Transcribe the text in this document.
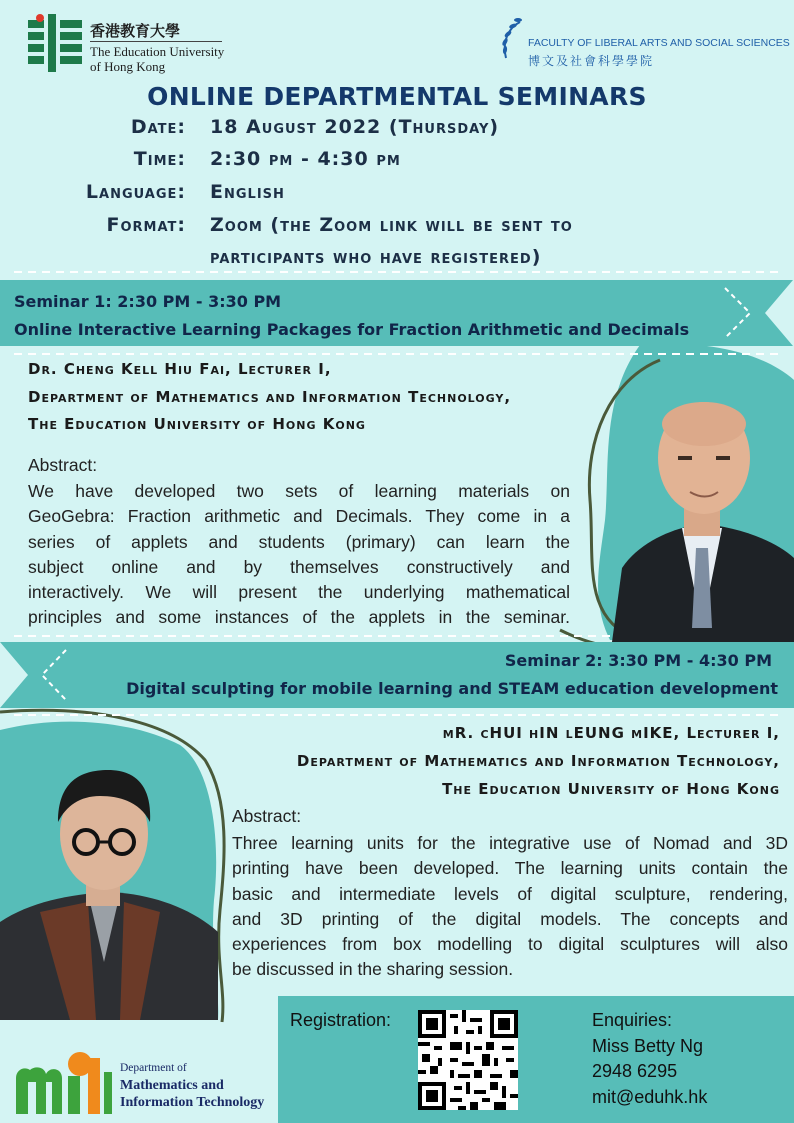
香港教育大學
The Education University
of Hong Kong
FACULTY OF LIBERAL ARTS AND SOCIAL SCIENCES
博文及社會科學學院
ONLINE DEPARTMENTAL SEMINARS
Date: 18 August 2022 (Thursday)
Time: 2:30 pm - 4:30 pm
Language: English
Format: Zoom (the Zoom link will be sent to
participants who have registered)
Seminar 1: 2:30 PM - 3:30 PM
Online Interactive Learning Packages for Fraction Arithmetic and Decimals
Dr. Cheng Kell Hiu Fai, Lecturer I,
Department of Mathematics and Information Technology,
The Education University of Hong Kong
Abstract:
We have developed two sets of learning materials on
GeoGebra: Fraction arithmetic and Decimals. They come in a
series of applets and students (primary) can learn the
subject online and by themselves constructively and
interactively. We will present the underlying mathematical
principles and some instances of the applets in the seminar.
Seminar 2: 3:30 PM - 4:30 PM
Digital sculpting for mobile learning and STEAM education development
mR. cHUI hIN lEUNG mIKE, Lecturer I,
Department of Mathematics and Information Technology,
The Education University of Hong Kong
Abstract:
Three learning units for the integrative use of Nomad and 3D
printing have been developed. The learning units contain the
basic and intermediate levels of digital sculpture, rendering,
and 3D printing of the digital models. The concepts and
experiences from box modelling to digital sculptures will also
be discussed in the sharing session.
Registration:	Enquiries:
Miss Betty Ng
2948 6295
mit@eduhk.hk
Department of
Mathematics and
Information Technology
